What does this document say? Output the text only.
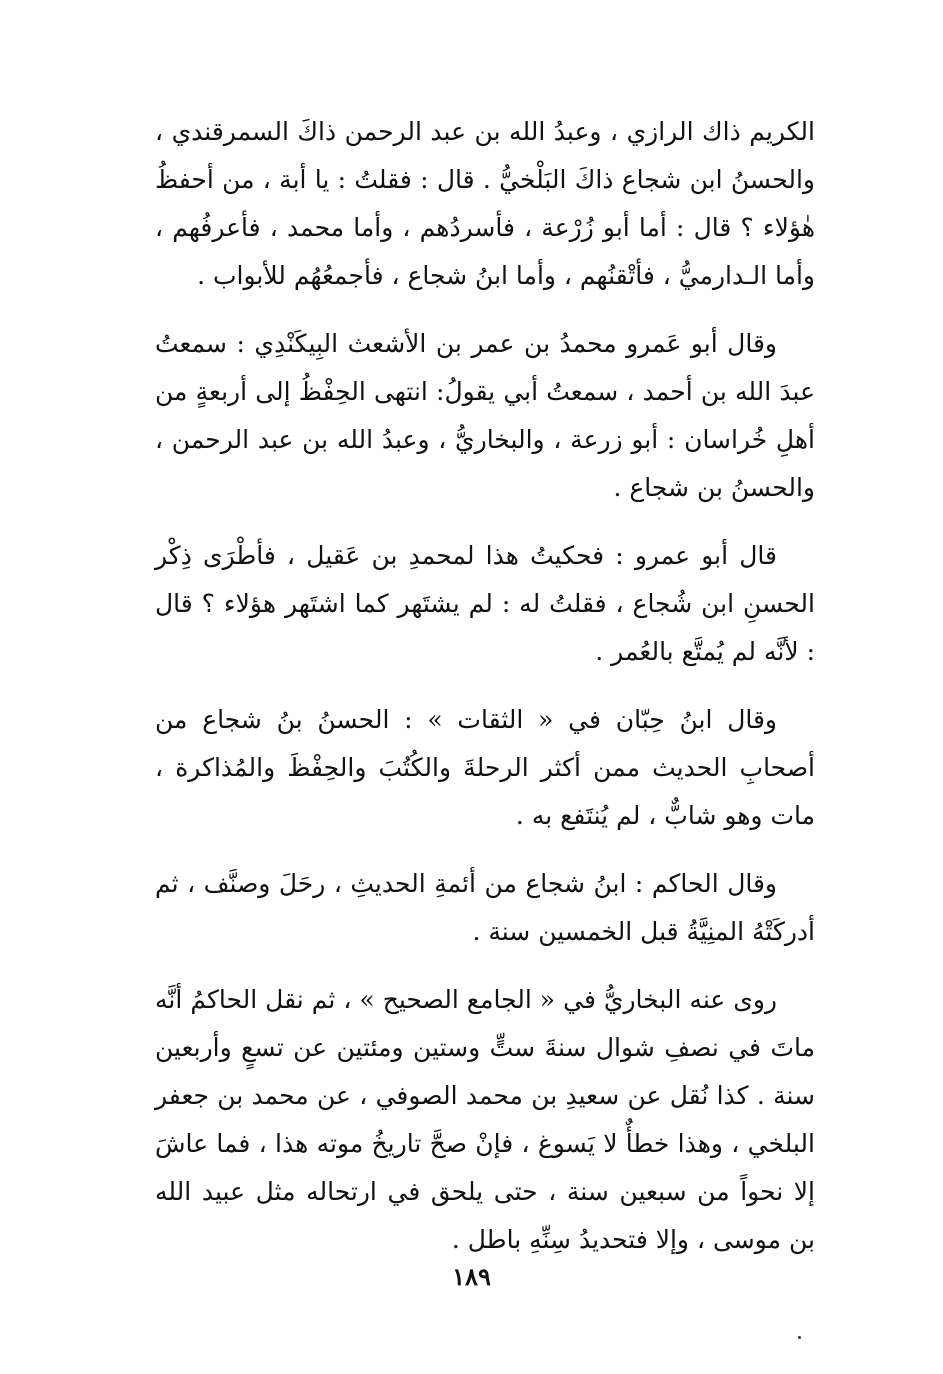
الكريم ذاك الرازي ، وعبدُ الله بن عبد الرحمن ذاكَ السمرقندي ، والحسنُ ابن شجاع ذاكَ البَلْخيُّ . قال : فقلتُ : يا أبة ، من أحفظُ هٰؤلاء ؟ قال : أما أبو زُرْعة ، فأسردُهم ، وأما محمد ، فأعرفُهم ، وأما الـدارميُّ ، فأتْقنُهم ، وأما ابنُ شجاع ، فأجمعُهُم للأبواب .

وقال أبو عَمرو محمدُ بن عمر بن الأشعث البِيكَنْدِي : سمعتُ عبدَ الله بن أحمد ، سمعتُ أبي يقولُ: انتهى الحِفْظُ إلى أربعةٍ من أهلِ خُراسان : أبو زرعة ، والبخاريُّ ، وعبدُ الله بن عبد الرحمن ، والحسنُ بن شجاع .

قال أبو عمرو : فحكيتُ هذا لمحمدِ بن عَقيل ، فأطْرَى ذِكْر الحسنِ ابن شُجاع ، فقلتُ له : لم يشتَهر كما اشتَهر هؤلاء ؟ قال : لأنَّه لم يُمتَّع بالعُمر .

وقال ابنُ حِبّان في « الثقات » : الحسنُ بنُ شجاع من أصحابِ الحديث ممن أكثر الرحلةَ والكُتُبَ والحِفْظَ والمُذاكرة ، مات وهو شابٌّ ، لم يُنتَفع به .

وقال الحاكم : ابنُ شجاع من أئمةِ الحديثِ ، رحَلَ وصنَّف ، ثم أدركَتْهُ المنِيَّةُ قبل الخمسين سنة .

روى عنه البخاريُّ في « الجامع الصحيح » ، ثم نقل الحاكمُ أنَّه ماتَ في نصفِ شوال سنةَ ستٍّ وستين ومئتين عن تسعٍ وأربعين سنة . كذا نُقل عن سعيدِ بن محمد الصوفي ، عن محمد بن جعفر البلخي ، وهذا خطأٌ لا يَسوغ ، فإنْ صحَّ تاريخُ موته هذا ، فما عاشَ إلا نحواً من سبعين سنة ، حتى يلحق في ارتحاله مثل عبيد الله بن موسى ، وإلا فتحديدُ سِنِّهِ باطل .

١٨٩
